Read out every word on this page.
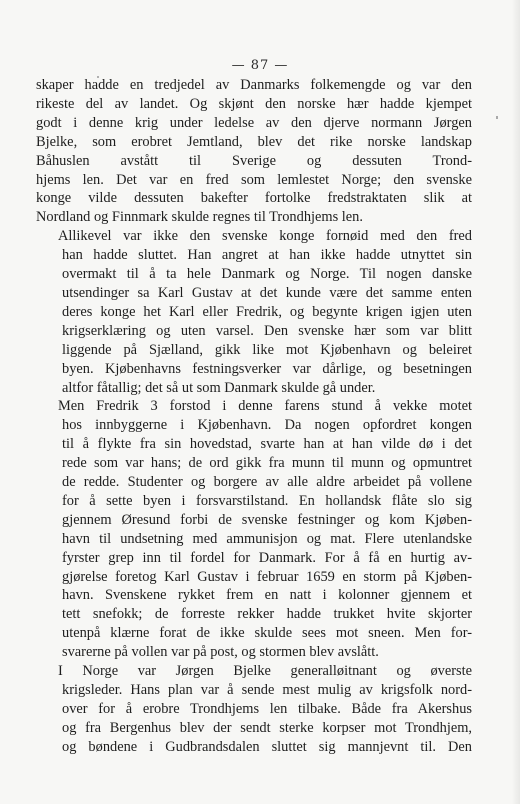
— 87 —

skaper hadde en tredjedel av Danmarks folkemengde og var den
rikeste del av landet. Og skjønt den norske hær hadde kjempet
godt i denne krig under ledelse av den djerve normann Jørgen
Bjelke, som erobret Jemtland, blev det rike norske landskap
Båhuslen avstått til Sverige og dessuten Trond-
hjems len. Det var en fred som lemlestet Norge; den svenske
konge vilde dessuten bakefter fortolke fredstraktaten slik at
Nordland og Finnmark skulde regnes til Trondhjems len.

Allikevel var ikke den svenske konge fornøid med den fred
han hadde sluttet. Han angret at han ikke hadde utnyttet sin
overmakt til å ta hele Danmark og Norge. Til nogen danske
utsendinger sa Karl Gustav at det kunde være det samme enten
deres konge het Karl eller Fredrik, og begynte krigen igjen uten
krigserklæring og uten varsel. Den svenske hær som var blitt
liggende på Sjælland, gikk like mot Kjøbenhavn og beleiret
byen. Kjøbenhavns festningsverker var dårlige, og besetningen
altfor fåtallig; det så ut som Danmark skulde gå under.

Men Fredrik 3 forstod i denne farens stund å vekke motet
hos innbyggerne i Kjøbenhavn. Da nogen opfordret kongen
til å flykte fra sin hovedstad, svarte han at han vilde dø i det
rede som var hans; de ord gikk fra munn til munn og opmuntret
de redde. Studenter og borgere av alle aldre arbeidet på vollene
for å sette byen i forsvarstilstand. En hollandsk flåte slo sig
gjennem Øresund forbi de svenske festninger og kom Kjøben-
havn til undsetning med ammunisjon og mat. Flere utenlandske
fyrster grep inn til fordel for Danmark. For å få en hurtig av-
gjørelse foretog Karl Gustav i februar 1659 en storm på Kjøben-
havn. Svenskene rykket frem en natt i kolonner gjennem et
tett snefokk; de forreste rekker hadde trukket hvite skjorter
utenpå klærne forat de ikke skulde sees mot sneen. Men for-
svarerne på vollen var på post, og stormen blev avslått.

I Norge var Jørgen Bjelke generalløitnant og øverste
krigsleder. Hans plan var å sende mest mulig av krigsfolk nord-
over for å erobre Trondhjems len tilbake. Både fra Akershus
og fra Bergenhus blev der sendt sterke korpser mot Trondhjem,
og bøndene i Gudbrandsdalen sluttet sig mannjevnt til. Den
